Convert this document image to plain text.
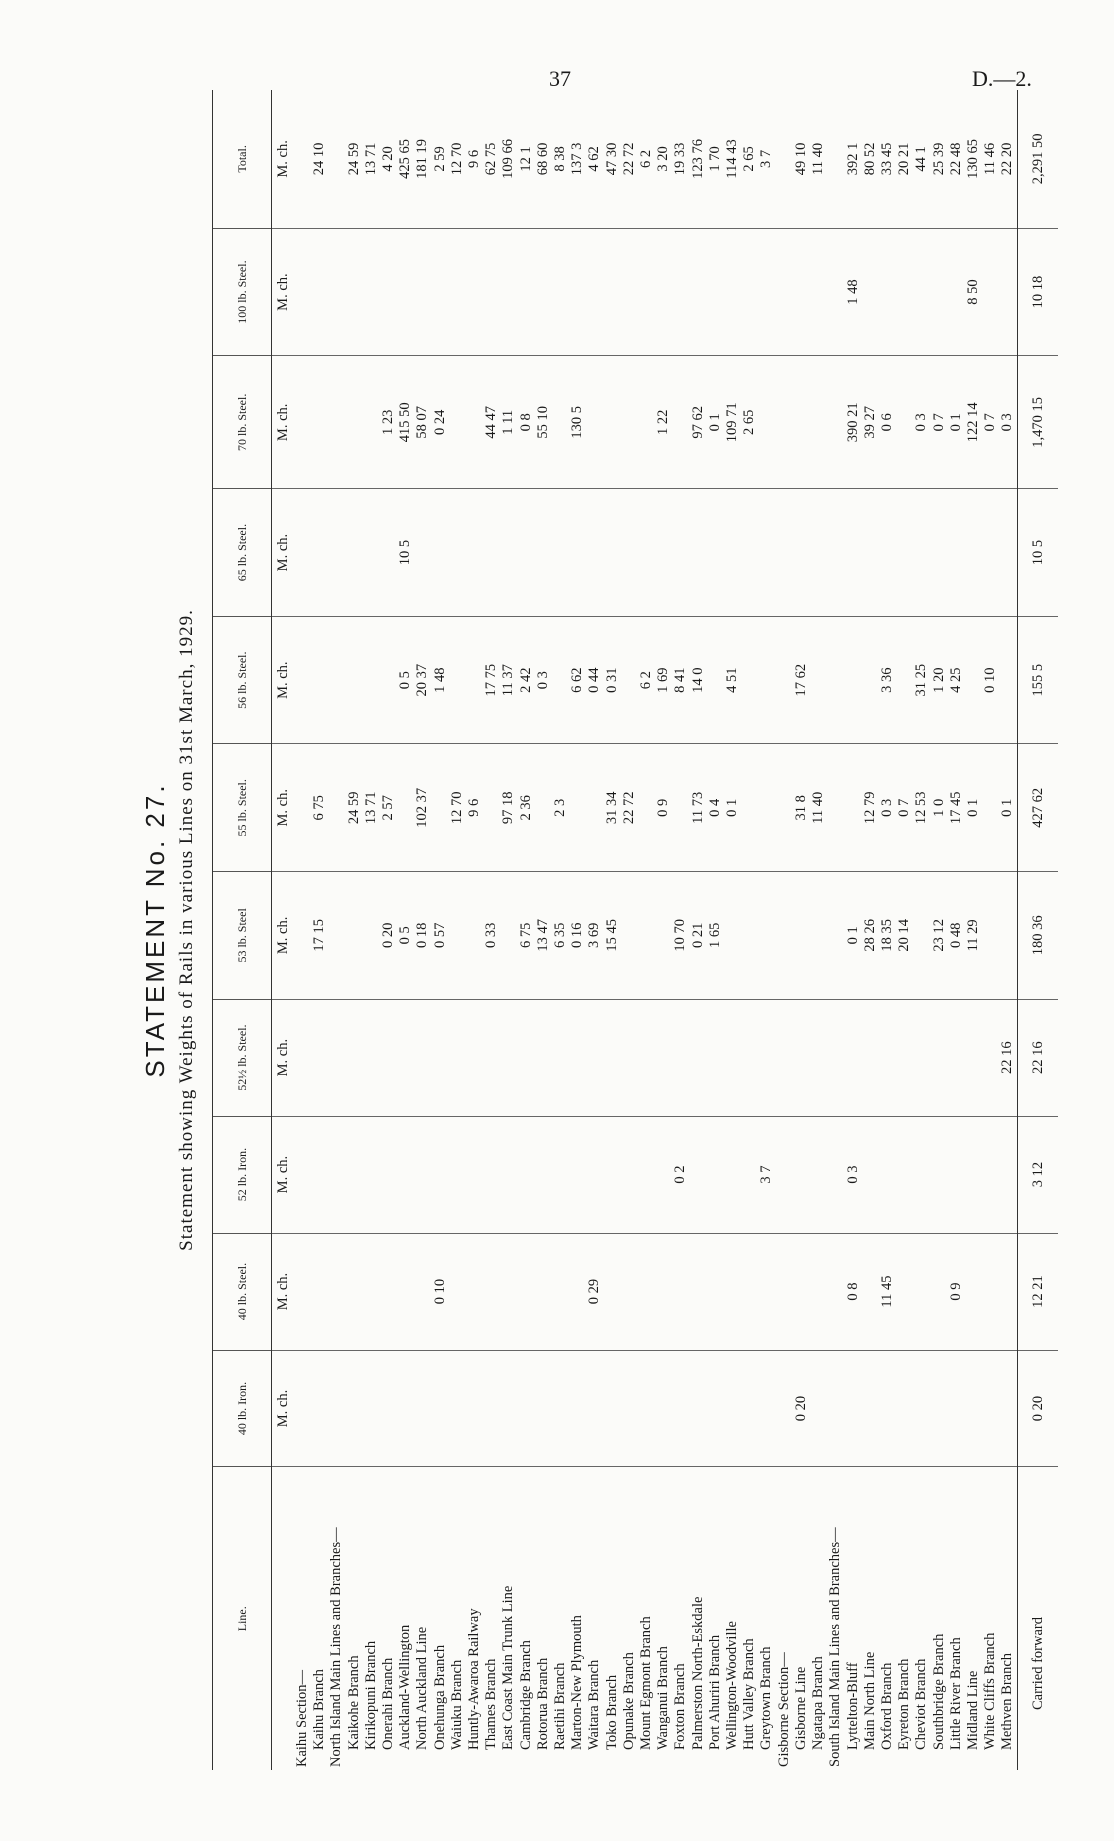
37	D.—2.
STATEMENT No. 27. Statement showing Weights of Rails in various Lines on 31st March, 1929.
Line.	40 lb. Iron.	40 lb. Steel.	52 lb. Iron.	52½ lb. Steel.	53 lb. Steel	55 lb. Steel.	56 lb. Steel.	65 lb. Steel.	70 lb. Steel.	100 lb. Steel.	Total.
	M. ch.	M. ch.	M. ch.	M. ch.	M. ch.	M. ch.	M. ch.	M. ch.	M. ch.	M. ch.	M. ch.
Kaihu Section—											
Kaihu Branch					17 15	6 75					24 10
North Island Main Lines and Branches—											
Kaikohe Branch						24 59					24 59
Kirikopuni Branch						13 71					13 71
Onerahi Branch					0 20	2 57			1 23		4 20
Auckland-Wellington					0 5		0 5	10 5	415 50		425 65
North Auckland Line					0 18	102 37	20 37		58 07		181 19
Onehunga Branch		0 10			0 57		1 48		0 24		2 59
Waiuku Branch						12 70					12 70
Huntly-Awaroa Railway						9 6					9 6
Thames Branch					0 33		17 75		44 47		62 75
East Coast Main Trunk Line						97 18	11 37		1 11		109 66
Cambridge Branch					6 75	2 36	2 42		0 8		12 1
Rotorua Branch					13 47		0 3		55 10		68 60
Raetihi Branch					6 35	2 3					8 38
Marton-New Plymouth					0 16		6 62		130 5		137 3
Waitara Branch		0 29			3 69		0 44				4 62
Toko Branch					15 45	31 34	0 31				47 30
Opunake Branch						22 72					22 72
Mount Egmont Branch							6 2				6 2
Wanganui Branch						0 9	1 69		1 22		3 20
Foxton Branch			0 2		10 70		8 41				19 33
Palmerston North-Eskdale					0 21	11 73	14 0		97 62		123 76
Port Ahuriri Branch					1 65	0 4			0 1		1 70
Wellington-Woodville						0 1	4 51		109 71		114 43
Hutt Valley Branch									2 65		2 65
Greytown Branch			3 7								3 7
Gisborne Section—											
Gisborne Line	0 20					31 8	17 62				49 10
Ngatapa Branch						11 40					11 40
South Island Main Lines and Branches—											
Lyttelton-Bluff		0 8	0 3		0 1				390 21	1 48	392 1
Main North Line					28 26	12 79			39 27		80 52
Oxford Branch		11 45			18 35	0 3	3 36		0 6		33 45
Eyreton Branch					20 14	0 7					20 21
Cheviot Branch						12 53	31 25		0 3		44 1
Southbridge Branch					23 12	1 0	1 20		0 7		25 39
Little River Branch		0 9			0 48	17 45	4 25		0 1		22 48
Midland Line					11 29	0 1			122 14	8 50	130 65
White Cliffs Branch							0 10		0 7		11 46
Methven Branch				22 16		0 1			0 3		22 20
Carried forward	0 20	12 21	3 12	22 16	180 36	427 62	155 5	10 5	1,470 15	10 18	2,291 50
